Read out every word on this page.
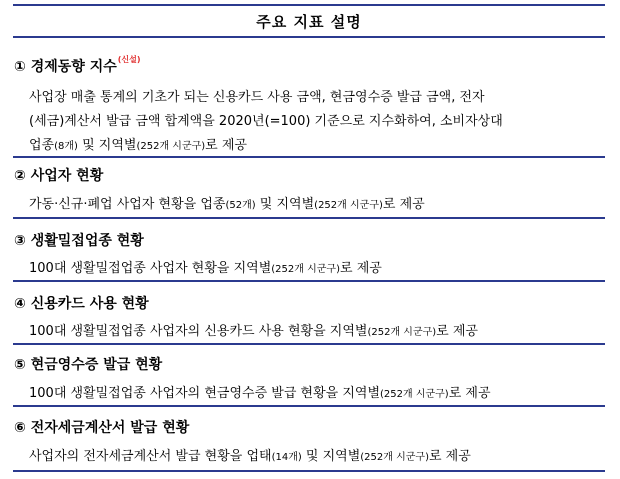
주요 지표 설명
① 경제동향 지수$^{(신설)}$
사업장 매출 통계의 기초가 되는 신용카드 사용 금액, 현금영수증 발급 금액, 전자
(세금)계산서 발급 금액 합계액을 2020년(=100) 기준으로 지수화하여, 소비자상대
업종(8개) 및 지역별(252개 시군구)로 제공
② 사업자 현황
가동·신규·폐업 사업자 현황을 업종(52개) 및 지역별(252개 시군구)로 제공
③ 생활밀접업종 현황
100대 생활밀접업종 사업자 현황을 지역별(252개 시군구)로 제공
④ 신용카드 사용 현황
100대 생활밀접업종 사업자의 신용카드 사용 현황을 지역별(252개 시군구)로 제공
⑤ 현금영수증 발급 현황
100대 생활밀접업종 사업자의 현금영수증 발급 현황을 지역별(252개 시군구)로 제공
⑥ 전자세금계산서 발급 현황
사업자의 전자세금계산서 발급 현황을 업태(14개) 및 지역별(252개 시군구)로 제공
